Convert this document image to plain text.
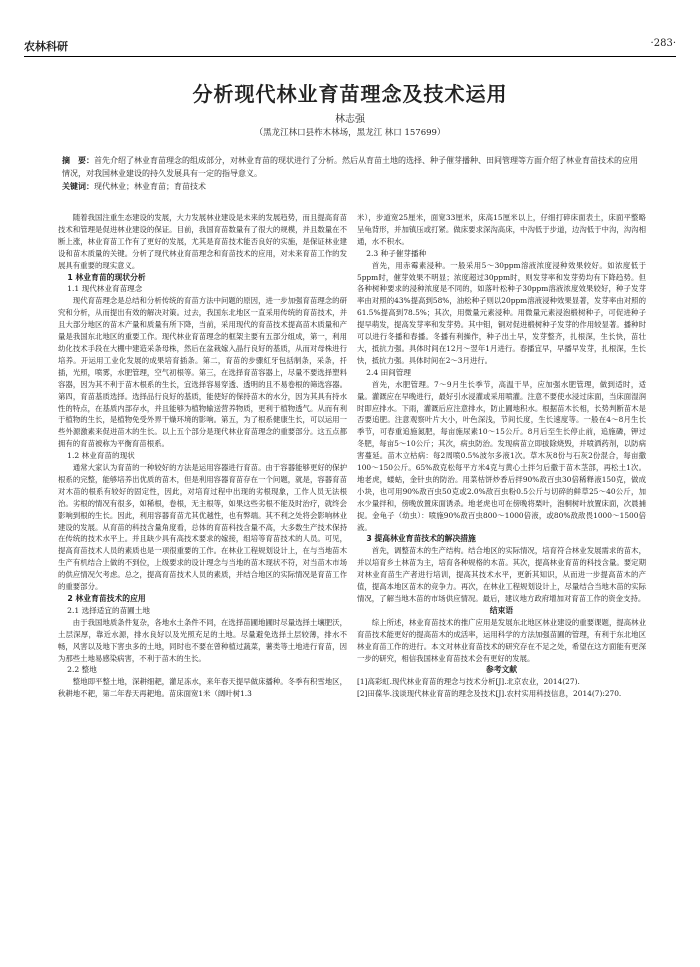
农林科研	·283·
分析现代林业育苗理念及技术运用
林志强
（黑龙江林口县柞木林场，黑龙江 林口 157699）

摘　要：首先介绍了林业育苗理念的组成部分，对林业育苗的现状进行了分析。然后从育苗土地的选择、种子催芽播种、田间管理等方面介绍了林业育苗技术的应用情况，对我国林业建设的持久发展具有一定的指导意义。

关键词：现代林业；林业育苗；育苗技术

随着我国注重生态建设的发展，大力发展林业建设是未来的发展趋势，而且提高育苗技术和管理是促进林业建设的保证。目前，我国育苗数量有了很大的规模，并且数量在不断上涨，林业育苗工作有了更好的发展，尤其是育苗技术能否良好的实施，是保证林业建设和苗木质量的关键。分析了现代林业育苗理念和育苗技术的应用，对未来育苗工作的发展具有重要的现实意义。

1 林业育苗的现状分析
1.1 现代林业育苗理念

现代育苗理念是总结和分析传统的育苗方法中问题的原因，进一步加强育苗理念的研究和分析，从而提出有效的解决对策。过去，我国东北地区一直采用传统的育苗技术，并且大部分地区的苗木产量和质量有所下降，当前，采用现代的育苗技术提高苗木质量和产量是我国东北地区的重要工作。现代林业育苗理念的框架主要有五部分组成，第一，利用幼化技术手段在大棚中建造采条母株，然后在盆栽嫁入晶行良好的基质，从而对母株进行培养。开运用工业化发展的成果培育插条。第二，育苗的步骤紅牙包括制条，采条，扦插，光照，喷雾，水肥管理，空气初根等。第三，在选择育苗容器上，尽量不要选择塑料容器，因为其不利于苗木根系的生长，宜选择容易穿透、透明的且不易卷根的筛选容器。第四，育苗基质选择。选择品行良好的基质，能使好的保持苗木的水分，因为其具有持水性的特点，在基质内部存水，并且能够为植物输送营养物质，更利于植物透气。从而有利于植物的生长，是植物免受外界干燥环境的影响。第五，为了根系健康生长，可以运用一些外源激素来促进苗木的生长。以上五个部分是现代林业育苗理念的重要部分。这五点都拥有的育苗被称为平衡育苗根系。

1.2 林业育苗的现状

通常大家认为育苗的一种较好的方法是运用容器进行育苗。由于容器能够更好的保护根系的完整，能够培养出优质的苗木，但是利用容器育苗存在一个问题，就是，容器育苗对木苗的根系有较好的固定性，因此，对培育过程中出现的劣根现象，工作人员无法根治。劣根的情况有很多，如稀根，卷根，无主根等，如果这些劣根不能及时治疗，就终会影响到根的生长。因此，利用容器育苗尤其优越性，也有弊端。其不利之处将会影响林业建设的发展。从育苗的科技含量角度看，总体的育苗科技含量不高，大多数生产技术保持在传统的技术水平上。并且缺少具有高技术要求的嫁接，组培等育苗技术的人员。可见，提高育苗技术人员的素质也是一项很重要的工作。在林业工程规划设计上，在与当地苗木生产有机结合上做的不到位，上级要求的设计理念与当地的苗木现状不符，对当苗木市场的供应情况欠考虑。总之，提高育苗技术人员的素质，并结合地区的实际情况是育苗工作的重要部分。

2 林业育苗技术的应用
2.1 选择适宜的苗圃土地

由于我国地质条件复杂，各地水土条件不同，在选择苗圃地圃时尽量选择土壤肥沃，土层深厚，靠近水源，排水良好以及光照充足的土地。尽量避免选择土层较薄，排水不畅，风害以及地下害虫多的土地，同时也不要在曾种植过蔬菜，薯类等土地进行育苗，因为那些土地易感染病害，不利于苗木的生长。

2.2 整地

整地即平整土地，深耕细耙，灌足冻水，来年春天提早做床播种。冬季有积雪地区，秋耕地不耙，第二年春天再耙地。苗床面宽1米（阔叶树1.3

米），步道宽25厘米，面宽33厘米，床高15厘米以上，仔细打碎床面表土，床面平整略呈龟背形，并加镇压或打紧。做床要求深沟高床，中沟低于步道，边沟低于中沟，沟沟相通，水不积水。

2.3 种子催芽播种

首先，用赤霉素浸种。一般采用5～30ppm溶液浓度浸种效果较好。如浓度低于5ppm时，催芽效果不明显；浓度超过30ppm时，则发芽率和发芽势均有下降趋势。但各种树种要求的浸种浓度是不同的，如落叶松种子30ppm溶液浓度效果较好，种子发芽率由对照的43%提高到58%，油松种子则以20ppm溶液浸种效果显著，发芽率由对照的61.5%提高到78.5%；其次，用微量元素浸种。用微量元素浸泡椴树种子，可促进种子提早萌发，提高发芽率和发芽势。其中钼，铜对促进椴树种子发芽的作用较显著。播种时可以进行冬播和春播。冬播有利操作，种子出土早，发芽整齐，扎根深，生长快，苗壮大，抵抗力强。具体时间在12月～翌年1月进行。春播宜早，早播早发芽，扎根深，生长快，抵抗力强。具体时间在2～3月进行。

2.4 田间管理

首先，水肥管理。7～9月生长季节，高温干旱，应加强水肥管理，做到适时，适量。灌溉应在早晚进行，最好引水浸灌或采用喷灌。注意不要使水浸过床面，当床面湿润时即应排水。下雨，灌溉后应注意排水，防止圃地积水。根据苗木长相，长势判断苗木是否要追肥。注意观察叶片大小，叶色深浅，节间长度，生长速度等。一般在4～8月生长季节，可春重追施氮肥，每亩施尿素10～15公斤。8月后至生长停止前，追施磷，钾过冬肥，每亩5～10公斤；其次，病虫防治。发现病苗立即拔除烧毁，并喷洒药剂，以防病害蔓延。苗木立枯病：每2周喷0.5%波尔多液1次。草木灰8份与石灰2份混合，每亩撒100～150公斤。65%敌克松每平方米4克与黄心土拌匀后撒于苗木茎部，再松土1次。地老虎，蝼蛄，金针虫的防治。用菜枯饼炒香后拌90%敌百虫30倍稀释液150克，做成小块，也可用90%敌百虫50克或2.0%敌百虫粉0.5公斤与切碎的鲜草25～40公斤，加水少量拌和，傍晚放置床面诱杀。地老虎也可在傍晚将栗叶，泡桐树叶放置床面，次晨捕捉。金龟子（幼虫）：喷施90%敌百虫800～1000倍液，或80%敌敌畏1000～1500倍液。

3 提高林业育苗技术的解决措施

首先，调整苗木的生产结构。结合地区的实际情况，培育符合林业发展需求的苗木，并以培育乡土林苗为主，培育各种规格的木苗。其次，提高林业育苗的科技含量。要定期对林业育苗生产者进行培训，提高其技术水平，更新其知识，从而进一步提高苗木的产值，提高本地区苗木的竞争力。再次，在林业工程规划设计上，尽量结合当地木苗的实际情况，了解当地木苗的市场供应情况。最后，建议地方政府增加对育苗工作的资金支持。

结束语

综上所述，林业育苗技术的推广应用是发展东北地区林业建设的重要课题，提高林业育苗技术能更好的提高苗木的成活率，运用科学的方法加强苗圃的管理，有利于东北地区林业育苗工作的进行。本文对林业育苗技术的研究存在不足之处，希望在这方面能有更深一步的研究，相信我国林业育苗技术会有更好的发展。

参考文献

[1]高彩虹.现代林业育苗的理念与技术分析[J].北京农业，2014(27).

[2]田葆华.浅谈现代林业育苗的理念及技术[J].农村实用科技信息，2014(7):270.
